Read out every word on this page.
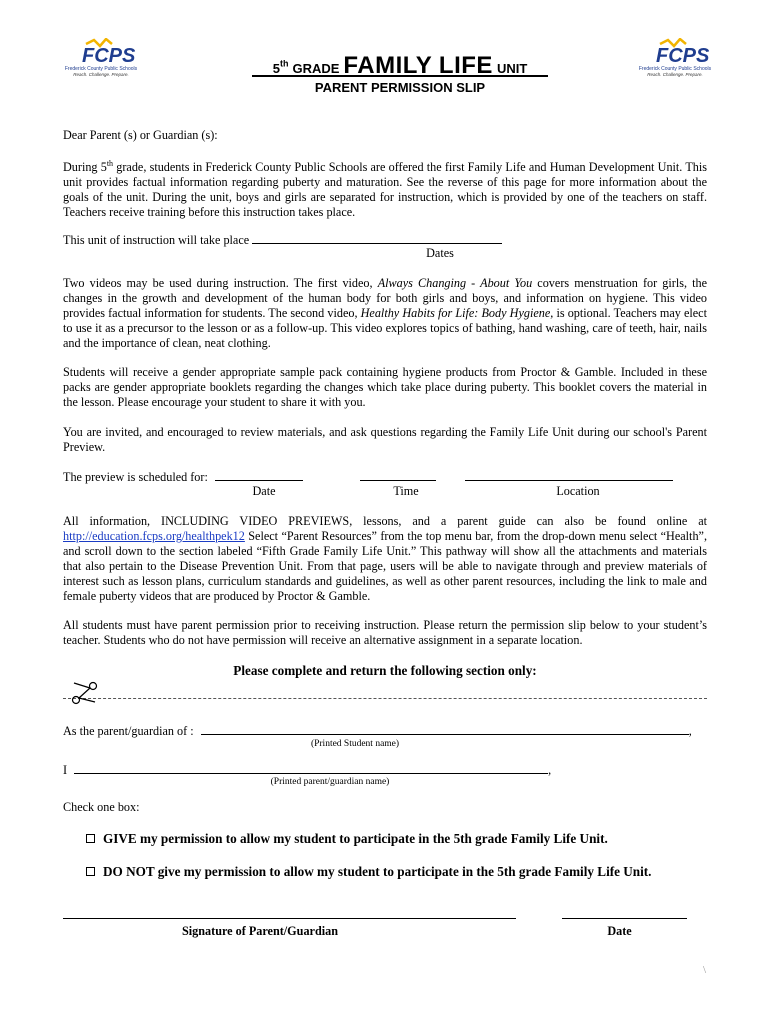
FCPS
Frederick County Public Schools
Reach. Challenge. Prepare.
FCPS
Frederick County Public Schools
Reach. Challenge. Prepare.
5th GRADE FAMILY LIFE UNIT
PARENT PERMISSION SLIP
Dear Parent (s) or Guardian (s):
During 5th grade, students in Frederick County Public Schools are offered the first Family Life and Human Development Unit. This unit provides factual information regarding puberty and maturation. See the reverse of this page for more information about the goals of the unit. During the unit, boys and girls are separated for instruction, which is provided by one of the teachers on staff. Teachers receive training before this instruction takes place.
This unit of instruction will take place
Dates
Two videos may be used during instruction. The first video, Always Changing - About You covers menstruation for girls, the changes in the growth and development of the human body for both girls and boys, and information on hygiene. This video provides factual information for students. The second video, Healthy Habits for Life: Body Hygiene, is optional. Teachers may elect to use it as a precursor to the lesson or as a follow-up. This video explores topics of bathing, hand washing, care of teeth, hair, nails and the importance of clean, neat clothing.
Students will receive a gender appropriate sample pack containing hygiene products from Proctor & Gamble. Included in these packs are gender appropriate booklets regarding the changes which take place during puberty. This booklet covers the material in the lesson. Please encourage your student to share it with you.
You are invited, and encouraged to review materials, and ask questions regarding the Family Life Unit during our school's Parent Preview.
The preview is scheduled for:
Date	Time	Location
All information, INCLUDING VIDEO PREVIEWS, lessons, and a parent guide can also be found online at http://education.fcps.org/healthpek12 Select “Parent Resources” from the top menu bar, from the drop-down menu select “Health”, and scroll down to the section labeled “Fifth Grade Family Life Unit.” This pathway will show all the attachments and materials that also pertain to the Disease Prevention Unit. From that page, users will be able to navigate through and preview materials of interest such as lesson plans, curriculum standards and guidelines, as well as other parent resources, including the link to male and female puberty videos that are produced by Proctor & Gamble.
All students must have parent permission prior to receiving instruction. Please return the permission slip below to your student’s teacher. Students who do not have permission will receive an alternative assignment in a separate location.
Please complete and return the following section only:
As the parent/guardian of :	,
(Printed Student name)
I	,
(Printed parent/guardian name)
Check one box:
GIVE my permission to allow my student to participate in the 5th grade Family Life Unit.
DO NOT give my permission to allow my student to participate in the 5th grade Family Life Unit.
Signature of Parent/Guardian	Date
\
